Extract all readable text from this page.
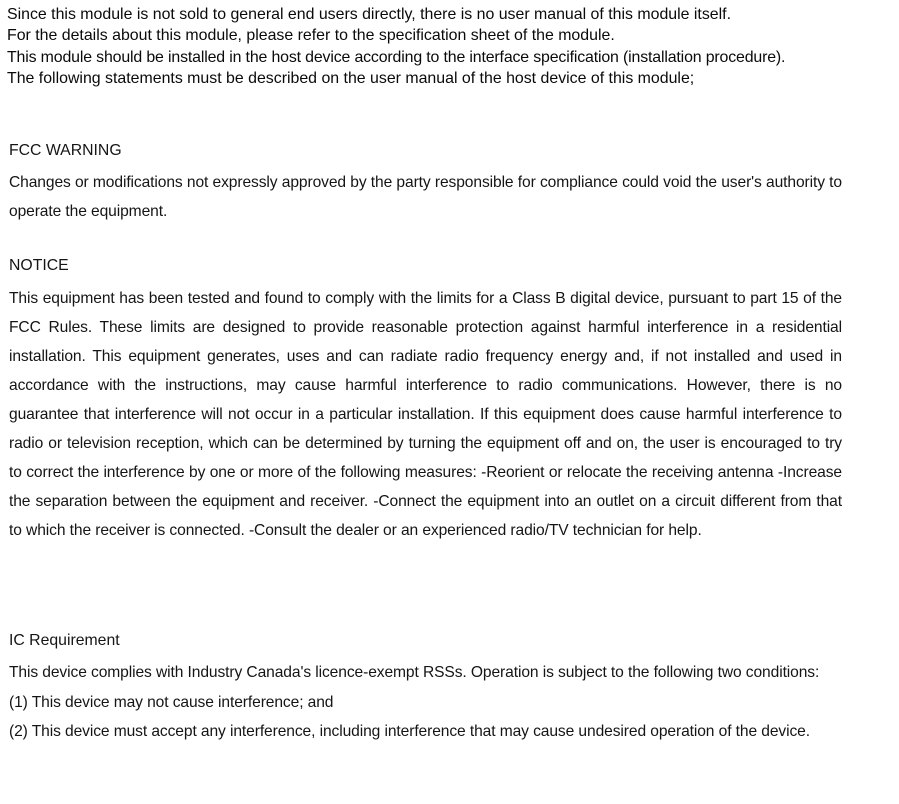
Since this module is not sold to general end users directly, there is no user manual of this module itself.
For the details about this module, please refer to the specification sheet of the module.
This module should be installed in the host device according to the interface specification (installation procedure).
The following statements must be described on the user manual of the host device of this module;
FCC WARNING

Changes or modifications not expressly approved by the party responsible for compliance could void the user's authority to operate the equipment.

NOTICE

This equipment has been tested and found to comply with the limits for a Class B digital device, pursuant to part 15 of the FCC Rules. These limits are designed to provide reasonable protection against harmful interference in a residential installation. This equipment generates, uses and can radiate radio frequency energy and, if not installed and used in accordance with the instructions, may cause harmful interference to radio communications. However, there is no guarantee that interference will not occur in a particular installation. If this equipment does cause harmful interference to radio or television reception, which can be determined by turning the equipment off and on, the user is encouraged to try to correct the interference by one or more of the following measures: -Reorient or relocate the receiving antenna -Increase the separation between the equipment and receiver. -Connect the equipment into an outlet on a circuit different from that to which the receiver is connected. -Consult the dealer or an experienced radio/TV technician for help.

IC Requirement

This device complies with Industry Canada's licence-exempt RSSs. Operation is subject to the following two conditions:

(1) This device may not cause interference; and

(2) This device must accept any interference, including interference that may cause undesired operation of the device.
